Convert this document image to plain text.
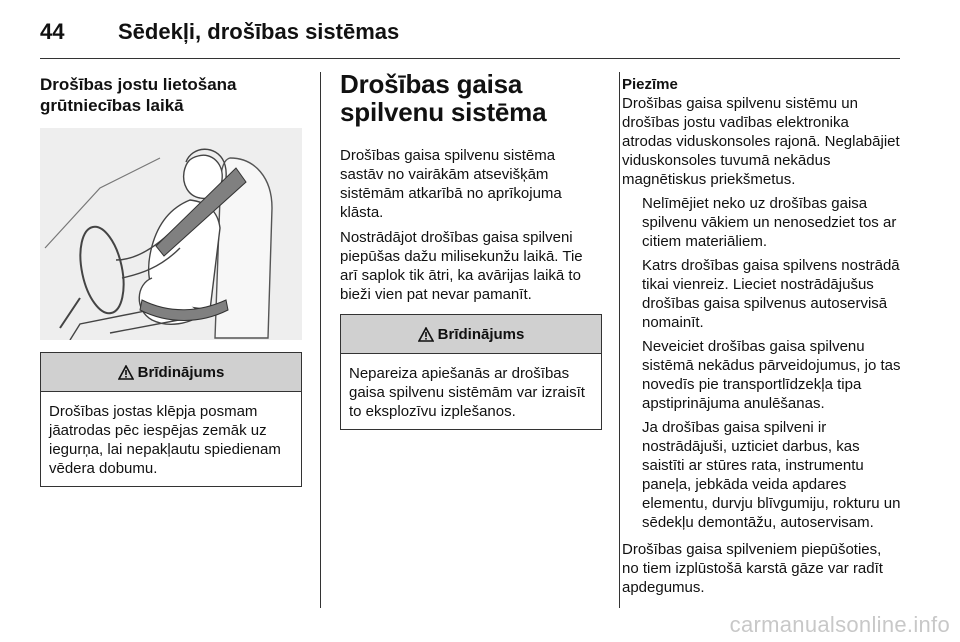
44 Sēdekļi, drošības sistēmas
Drošības jostu lietošana grūtniecības laikā
Brīdinājums

Drošības jostas klēpja posmam jāatrodas pēc iespējas zemāk uz iegurņa, lai nepakļautu spiedienam vēdera dobumu.

Drošības gaisa spilvenu sistēma

Drošības gaisa spilvenu sistēma sastāv no vairākām atsevišķām sistēmām atkarībā no aprīkojuma klāsta.

Nostrādājot drošības gaisa spilveni piepūšas dažu milisekunžu laikā. Tie arī saplok tik ātri, ka avārijas laikā to bieži vien pat nevar pamanīt.

Brīdinājums

Nepareiza apiešanās ar drošības gaisa spilvenu sistēmām var izraisīt to eksplozīvu izplešanos.

Piezīme

Drošības gaisa spilvenu sistēmu un drošības jostu vadības elektronika atrodas viduskonsoles rajonā. Neglabājiet viduskonsoles tuvumā nekādus magnētiskus priekšmetus.

Nelīmējiet neko uz drošības gaisa spilvenu vākiem un nenosedziet tos ar citiem materiāliem.

Katrs drošības gaisa spilvens nostrādā tikai vienreiz. Lieciet nostrādājušus drošības gaisa spilvenus autoservisā nomainīt.

Neveiciet drošības gaisa spilvenu sistēmā nekādus pārveidojumus, jo tas novedīs pie transportlīdzekļa tipa apstiprinājuma anulēšanas.

Ja drošības gaisa spilveni ir nostrādājuši, uzticiet darbus, kas saistīti ar stūres rata, instrumentu paneļa, jebkāda veida apdares elementu, durvju blīvgumiju, rokturu un sēdekļu demontāžu, autoservisam.

Drošības gaisa spilveniem piepūšoties, no tiem izplūstošā karstā gāze var radīt apdegumus.

carmanualsonline.info
